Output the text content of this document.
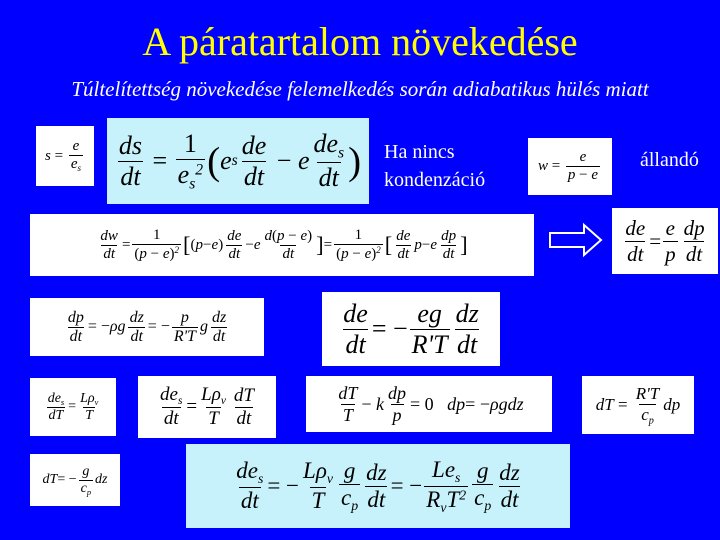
A páratartalom növekedése
Túltelítettség növekedése felemelkedés során adiabatikus hülés miatt
$s = \frac{e}{e_s} \frac{ds}{dt} = \frac{1}{e_s^2}$ ( e s $\frac{de}{dt} - e \frac{de_s}{dt}$ ) Ha nincs
kondenzáció
$w = \frac{e}{p - e}$ állandó
$\frac{dw}{dt} = \frac{1}{(p - e)^2}$ [ ( p − e ) $\frac{de}{dt} - e \frac{d(p - e)}{dt}$ ] = $\frac{1}{(p - e)^2}$ [ $\frac{de}{dt}$ p − e $\frac{dp}{dt}$ ]	$\frac{de}{dt} = \frac{e}{p} \frac{dp}{dt}$
$\frac{dp}{dt}$ = − ρg $\frac{dz}{dt}$ = − $\frac{p}{R'T}$ g $\frac{dz}{dt}$	$\frac{de}{dt}$ = − $\frac{eg}{R'T} \frac{dz}{dt}$
$\frac{de_s}{dT} = \frac{L\rho_v}{T}$	$\frac{de_s}{dt} = \frac{L\rho_v}{T} \frac{dT}{dt}$	$\frac{dT}{T} - k \frac{dp}{p} = 0$ dp = − ρgdz	dT = $\frac{R'T}{c_p}$ dp
dT = − $\frac{g}{c_p}$ dz	$\frac{de_s}{dt}$ = − $\frac{L\rho_v}{T} \frac{g}{c_p} \frac{dz}{dt}$ = − $\frac{Le_s}{R_vT^2} \frac{g}{c_p} \frac{dz}{dt}$
